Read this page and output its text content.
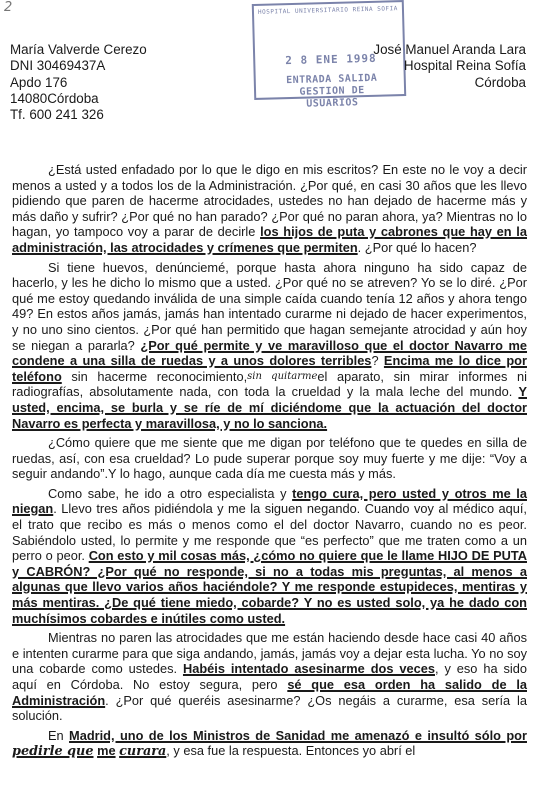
2	HOSPITAL UNIVERSITARIO REINA SOFIA
2 8 ENE 1998
ENTRADA SALIDA
GESTION DE USUARIOS
María Valverde Cerezo
DNI 30469437A
Apdo 176
14080Córdoba
Tf. 600 241 326
José Manuel Aranda Lara
Hospital Reina Sofía
Córdoba

¿Está usted enfadado por lo que le digo en mis escritos? En este no le voy a decir menos a usted y a todos los de la Administración. ¿Por qué, en casi 30 años que les llevo pidiendo que paren de hacerme atrocidades, ustedes no han dejado de hacerme más y más daño y sufrir? ¿Por qué no han parado? ¿Por qué no paran ahora, ya? Mientras no lo hagan, yo tampoco voy a parar de decirle los hijos de puta y cabrones que hay en la administración, las atrocidades y crímenes que permiten. ¿Por qué lo hacen?

Si tiene huevos, denúnciemé, porque hasta ahora ninguno ha sido capaz de hacerlo, y les he dicho lo mismo que a usted. ¿Por qué no se atreven? Yo se lo diré. ¿Por qué me estoy quedando inválida de una simple caída cuando tenía 12 años y ahora tengo 49? En estos años jamás, jamás han intentado curarme ni dejado de hacer experimentos, y no uno sino cientos. ¿Por qué han permitido que hagan semejante atrocidad y aún hoy se niegan a pararla? ¿Por qué permite y ve maravilloso que el doctor Navarro me condene a una silla de ruedas y a unos dolores terribles? Encima me lo dice por teléfono sin hacerme reconocimiento,sin quitarmeel aparato, sin mirar informes ni radiografías, absolutamente nada, con toda la crueldad y la mala leche del mundo. Y usted, encima, se burla y se ríe de mí diciéndome que la actuación del doctor Navarro es perfecta y maravillosa, y no lo sanciona.

¿Cómo quiere que me siente que me digan por teléfono que te quedes en silla de ruedas, así, con esa crueldad? Lo pude superar porque soy muy fuerte y me dije: “Voy a seguir andando”.Y lo hago, aunque cada día me cuesta más y más.

Como sabe, he ido a otro especialista y tengo cura, pero usted y otros me la niegan. Llevo tres años pidiéndola y me la siguen negando. Cuando voy al médico aquí, el trato que recibo es más o menos como el del doctor Navarro, cuando no es peor. Sabiéndolo usted, lo permite y me responde que “es perfecto” que me traten como a un perro o peor. Con esto y mil cosas más, ¿cómo no quiere que le llame HIJO DE PUTA y CABRÓN? ¿Por qué no responde, si no a todas mis preguntas, al menos a algunas que llevo varios años haciéndole? Y me responde estupideces, mentiras y más mentiras. ¿De qué tiene miedo, cobarde? Y no es usted solo, ya he dado con muchísimos cobardes e inútiles como usted.

Mientras no paren las atrocidades que me están haciendo desde hace casi 40 años e intenten curarme para que siga andando, jamás, jamás voy a dejar esta lucha. Yo no soy una cobarde como ustedes. Habéis intentado asesinarme dos veces, y eso ha sido aquí en Córdoba. No estoy segura, pero sé que esa orden ha salido de la Administración. ¿Por qué queréis asesinarme? ¿Os negáis a curarme, esa sería la solución.

En Madrid, uno de los Ministros de Sanidad me amenazó e insultó sólo por pedirle que me curara, y esa fue la respuesta. Entonces yo abrí el
